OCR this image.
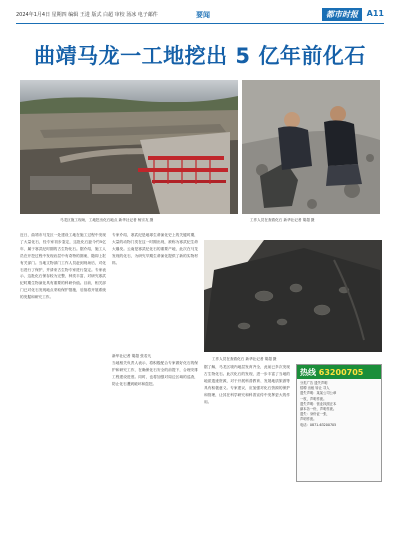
2024年1月4日 星期四 编辑 王进 版式 白超 审校 汤冰 电子邮件	要闻	都市时报	A11
曲靖马龙一工地挖出 5 亿年前化石
马龙区施工现场，工地挖出化石地点 新华社记者 杨宗友 摄	工作人员在查看化石 新华社记者 胡超 摄
工作人员在查看化石 新华社记者 胡超 摄
近日，曲靖市马龙区一处建设工地在施工过程中发现了大量化石，经专家初步鉴定，这批化石距今约5亿年，属于寒武纪时期的古生物化石。据介绍，施工人员在开挖过程中发现岩层中有奇特的图案，随即上报有关部门。当地文物部门工作人员赶到现场后，对化石进行了保护，并请来古生物专家进行鉴定。专家表示，这批化石保存较为完整，种类丰富，对研究寒武纪时期生物演化具有重要的科研价值。目前，相关部门已对化石发现地点采取保护措施，后续将开展系统的发掘和研究工作。
专家介绍，寒武纪是地球生命演化史上的关键时期，大量的动物门类在这一时期出现，被称为寒武纪生命大爆发。云南是寒武纪化石的重要产地，此次在马龙发现的化石，为研究早期生命演化提供了新的实物材料。
新华社记者 胡超 张若凡
当地相关负责人表示，将积极配合专家做好化石的保护和研究工作，在确保化石安全的前提下，合理安排工程建设进度。同时，也将加强对周边区域的巡查，防止化石遭到破坏和盗挖。
据了解，马龙区境内地层发育齐全，此前已多次发现古生物化石。此次化石的发现，进一步丰富了当地的地质遗迹资源，对于开展科普教育、发展地质旅游等具有积极意义。专家建议，应加强对化石资源的保护和管理，让其在科学研究和科普宣传中发挥更大的作用。
热线 63200705
分类广告 遗失声明
招聘 出租 转让 寻人
遗失声明：某某公司公章
一枚，声明作废。
遗失声明：营业执照正本
副本各一份，声明作废。
遗失：身份证一张，
声明作废。
电话：0871-63200705
